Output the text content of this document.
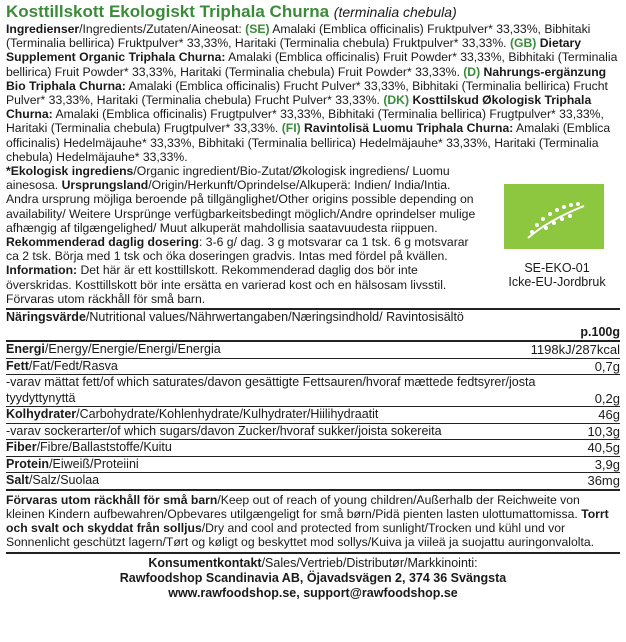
Kosttillskott Ekologiskt Triphala Churna (terminalia chebula)

Ingredienser/Ingredients/Zutaten/Aineosat: (SE) Amalaki (Emblica officinalis) Fruktpulver* 33,33%, Bibhitaki (Terminalia bellirica) Fruktpulver* 33,33%, Haritaki (Terminalia chebula) Fruktpulver* 33,33%. (GB) Dietary Supplement Organic Triphala Churna: Amalaki (Emblica officinalis) Fruit Powder* 33,33%, Bibhitaki (Terminalia bellirica) Fruit Powder* 33,33%, Haritaki (Terminalia chebula) Fruit Powder* 33,33%. (D) Nahrungs-ergänzung Bio Triphala Churna: Amalaki (Emblica officinalis) Frucht Pulver* 33,33%, Bibhitaki (Terminalia bellirica) Frucht Pulver* 33,33%, Haritaki (Terminalia chebula) Frucht Pulver* 33,33%. (DK) Kosttilskud Økologisk Triphala Churna: Amalaki (Emblica officinalis) Frugtpulver* 33,33%, Bibhitaki (Terminalia bellirica) Frugtpulver* 33,33%, Haritaki (Terminalia chebula) Frugtpulver* 33,33%. (FI) Ravintolisä Luomu Triphala Churna: Amalaki (Emblica officinalis) Hedelmäjauhe* 33,33%, Bibhitaki (Terminalia bellirica) Hedelmäjauhe* 33,33%, Haritaki (Terminalia chebula) Hedelmäjauhe* 33,33%.

*Ekologisk ingrediens/Organic ingredient/Bio-Zutat/Økologisk ingrediens/ Luomu ainesosa. Ursprungsland/Origin/Herkunft/Oprindelse/Alkuperä: Indien/ India/Intia. Andra ursprung möjliga beroende på tillgänglighet/Other origins possible depending on availability/ Weitere Ursprünge verfügbarkeitsbedingt möglich/Andre oprindelser mulige afhængig af tilgængelighed/ Muut alkuperät mahdollisia saatavuudesta riippuen.

Rekommenderad daglig dosering: 3-6 g/ dag. 3 g motsvarar ca 1 tsk. 6 g motsvarar ca 2 tsk. Börja med 1 tsk och öka doseringen gradvis. Intas med fördel på kvällen.

Information: Det här är ett kosttillskott. Rekommenderad daglig dos bör inte överskridas. Kosttillskott bör inte ersätta en varierad kost och en hälsosam livsstil. Förvaras utom räckhåll för små barn.

SE-EKO-01
Icke-EU-Jordbruk
Näringsvärde/Nutritional values/Nährwertangaben/Næringsindhold/ Ravintosisältö
p.100g
Energi/Energy/Energie/Energi/Energia	1198kJ/287kcal
Fett/Fat/Fedt/Rasva	0,7g
-varav mättat fett/of which saturates/davon gesättigte Fettsauren/hvoraf mættede fedtsyrer/josta tyydyttynyttä	0,2g
Kolhydrater/Carbohydrate/Kohlenhydrate/Kulhydrater/Hiilihydraatit	46g
-varav sockerarter/of which sugars/davon Zucker/hvoraf sukker/joista sokereita	10,3g
Fiber/Fibre/Ballaststoffe/Kuitu	40,5g
Protein/Eiweiß/Proteiini	3,9g
Salt/Salz/Suolaa	36mg

Förvaras utom räckhåll för små barn/Keep out of reach of young children/Außerhalb der Reichweite von kleinen Kindern aufbewahren/Opbevares utilgængeligt for små børn/Pidä pienten lasten ulottumattomissa. Torrt och svalt och skyddat från solljus/Dry and cool and protected from sunlight/Trocken und kühl und vor Sonnenlicht geschützt lagern/Tørt og køligt og beskyttet mod sollys/Kuiva ja viileä ja suojattu auringonvalolta.

Konsumentkontakt/Sales/Vertrieb/Distributør/Markkinointi:
Rawfoodshop Scandinavia AB, Öjavadsvägen 2, 374 36 Svängsta
www.rawfoodshop.se, support@rawfoodshop.se
